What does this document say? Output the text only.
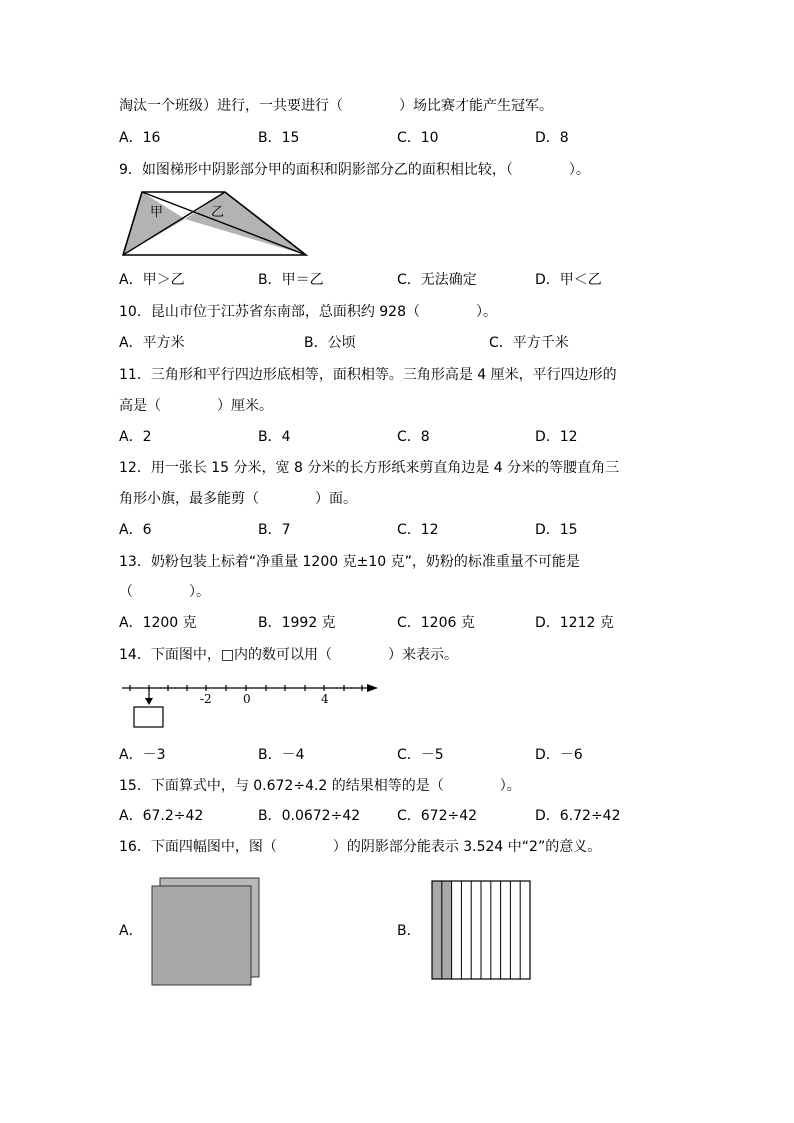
淘汰一个班级）进行，一共要进行（　　　　）场比赛才能产生冠军。
A．16	B．15	C．10	D．8
9．如图梯形中阴影部分甲的面积和阴影部分乙的面积相比较，（　　　　）。
甲	乙
A．甲＞乙	B．甲＝乙	C．无法确定	D．甲＜乙
10．昆山市位于江苏省东南部，总面积约 928（　　　　）。
A．平方米	B．公顷	C．平方千米
11．三角形和平行四边形底相等，面积相等。三角形高是 4 厘米，平行四边形的
高是（　　　　）厘米。
A．2	B．4	C．8	D．12
12．用一张长 15 分米，宽 8 分米的长方形纸来剪直角边是 4 分米的等腰直角三
角形小旗，最多能剪（　　　　）面。
A．6	B．7	C．12	D．15
13．奶粉包装上标着“净重量 1200 克±10 克”，奶粉的标准重量不可能是
（　　　　）。
A．1200 克	B．1992 克	C．1206 克	D．1212 克
14．下面图中，□内的数可以用（　　　　）来表示。
-2	0	4
A．－3	B．－4	C．－5	D．－6
15．下面算式中，与 0.672÷4.2 的结果相等的是（　　　　）。
A．67.2÷42	B．0.0672÷42	C．672÷42	D．6.72÷42
16．下面四幅图中，图（　　　　）的阴影部分能表示 3.524 中“2”的意义。
A．	B．
